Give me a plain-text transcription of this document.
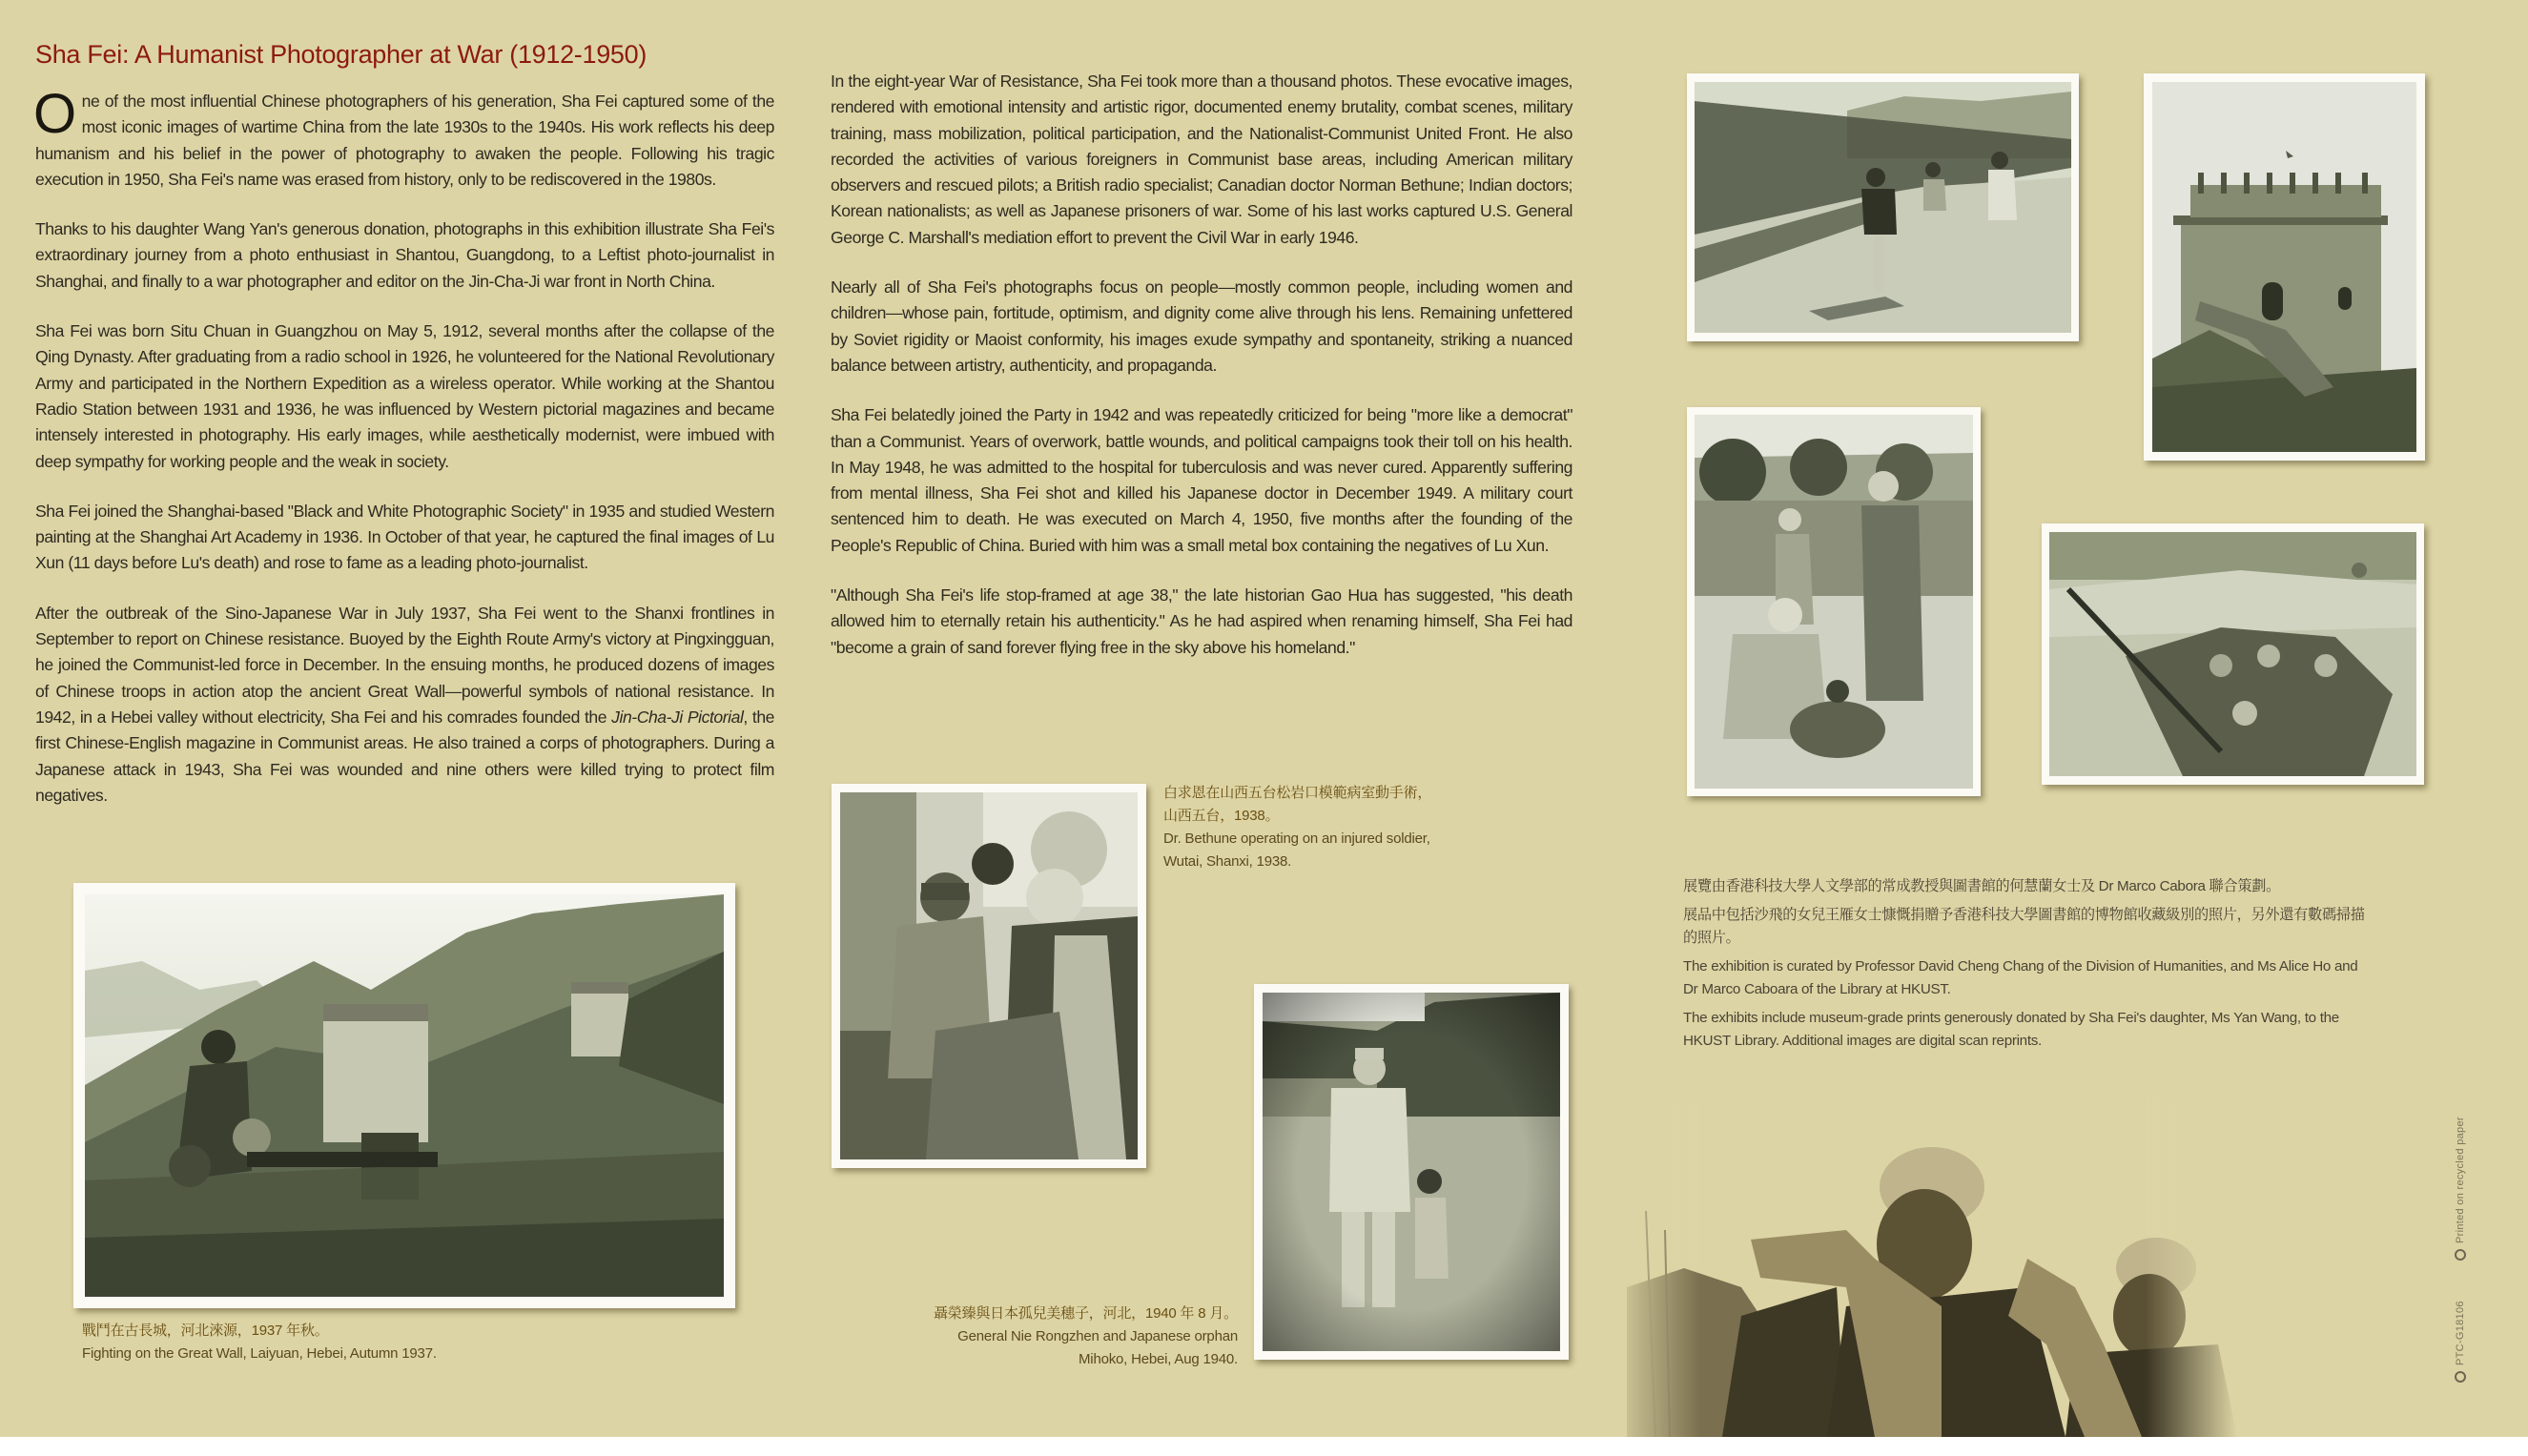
Sha Fei: A Humanist Photographer at War (1912-1950)

One of the most influential Chinese photographers of his generation, Sha Fei captured some of the most iconic images of wartime China from the late 1930s to the 1940s. His work reflects his deep humanism and his belief in the power of photography to awaken the people. Following his tragic execution in 1950, Sha Fei's name was erased from history, only to be rediscovered in the 1980s.

Thanks to his daughter Wang Yan's generous donation, photographs in this exhibition illustrate Sha Fei's extraordinary journey from a photo enthusiast in Shantou, Guangdong, to a Leftist photo-journalist in Shanghai, and finally to a war photographer and editor on the Jin-Cha-Ji war front in North China.

Sha Fei was born Situ Chuan in Guangzhou on May 5, 1912, several months after the collapse of the Qing Dynasty. After graduating from a radio school in 1926, he volunteered for the National Revolutionary Army and participated in the Northern Expedition as a wireless operator. While working at the Shantou Radio Station between 1931 and 1936, he was influenced by Western pictorial magazines and became intensely interested in photography. His early images, while aesthetically modernist, were imbued with deep sympathy for working people and the weak in society.

Sha Fei joined the Shanghai-based "Black and White Photographic Society" in 1935 and studied Western painting at the Shanghai Art Academy in 1936. In October of that year, he captured the final images of Lu Xun (11 days before Lu's death) and rose to fame as a leading photo-journalist.

After the outbreak of the Sino-Japanese War in July 1937, Sha Fei went to the Shanxi frontlines in September to report on Chinese resistance. Buoyed by the Eighth Route Army's victory at Pingxingguan, he joined the Communist-led force in December. In the ensuing months, he produced dozens of images of Chinese troops in action atop the ancient Great Wall—powerful symbols of national resistance. In 1942, in a Hebei valley without electricity, Sha Fei and his comrades founded the Jin-Cha-Ji Pictorial, the first Chinese-English magazine in Communist areas. He also trained a corps of photographers. During a Japanese attack in 1943, Sha Fei was wounded and nine others were killed trying to protect film negatives.

In the eight-year War of Resistance, Sha Fei took more than a thousand photos. These evocative images, rendered with emotional intensity and artistic rigor, documented enemy brutality, combat scenes, military training, mass mobilization, political participation, and the Nationalist-Communist United Front. He also recorded the activities of various foreigners in Communist base areas, including American military observers and rescued pilots; a British radio specialist; Canadian doctor Norman Bethune; Indian doctors; Korean nationalists; as well as Japanese prisoners of war. Some of his last works captured U.S. General George C. Marshall's mediation effort to prevent the Civil War in early 1946.

Nearly all of Sha Fei's photographs focus on people—mostly common people, including women and children—whose pain, fortitude, optimism, and dignity come alive through his lens. Remaining unfettered by Soviet rigidity or Maoist conformity, his images exude sympathy and spontaneity, striking a nuanced balance between artistry, authenticity, and propaganda.

Sha Fei belatedly joined the Party in 1942 and was repeatedly criticized for being "more like a democrat" than a Communist. Years of overwork, battle wounds, and political campaigns took their toll on his health. In May 1948, he was admitted to the hospital for tuberculosis and was never cured. Apparently suffering from mental illness, Sha Fei shot and killed his Japanese doctor in December 1949. A military court sentenced him to death. He was executed on March 4, 1950, five months after the founding of the People's Republic of China. Buried with him was a small metal box containing the negatives of Lu Xun.

"Although Sha Fei's life stop-framed at age 38," the late historian Gao Hua has suggested, "his death allowed him to eternally retain his authenticity." As he had aspired when renaming himself, Sha Fei had "become a grain of sand forever flying free in the sky above his homeland."

戰鬥在古長城，河北淶源，1937 年秋。
Fighting on the Great Wall, Laiyuan, Hebei, Autumn 1937.
白求恩在山西五台松岩口模範病室動手術，
山西五台，1938。
Dr. Bethune operating on an injured soldier,
Wutai, Shanxi, 1938.
聶榮臻與日本孤兒美穗子，河北，1940 年 8 月。
General Nie Rongzhen and Japanese orphan
Mihoko, Hebei, Aug 1940.

展覽由香港科技大學人文學部的常成教授與圖書館的何慧蘭女士及 Dr Marco Cabora 聯合策劃。

展品中包括沙飛的女兒王雁女士慷慨捐贈予香港科技大學圖書館的博物館收藏級別的照片，另外還有數碼掃描的照片。

The exhibition is curated by Professor David Cheng Chang of the Division of Humanities, and Ms Alice Ho and Dr Marco Caboara of the Library at HKUST.

The exhibits include museum-grade prints generously donated by Sha Fei's daughter, Ms Yan Wang, to the HKUST Library. Additional images are digital scan reprints.

Printed on recycled paper
PTC-G18106
